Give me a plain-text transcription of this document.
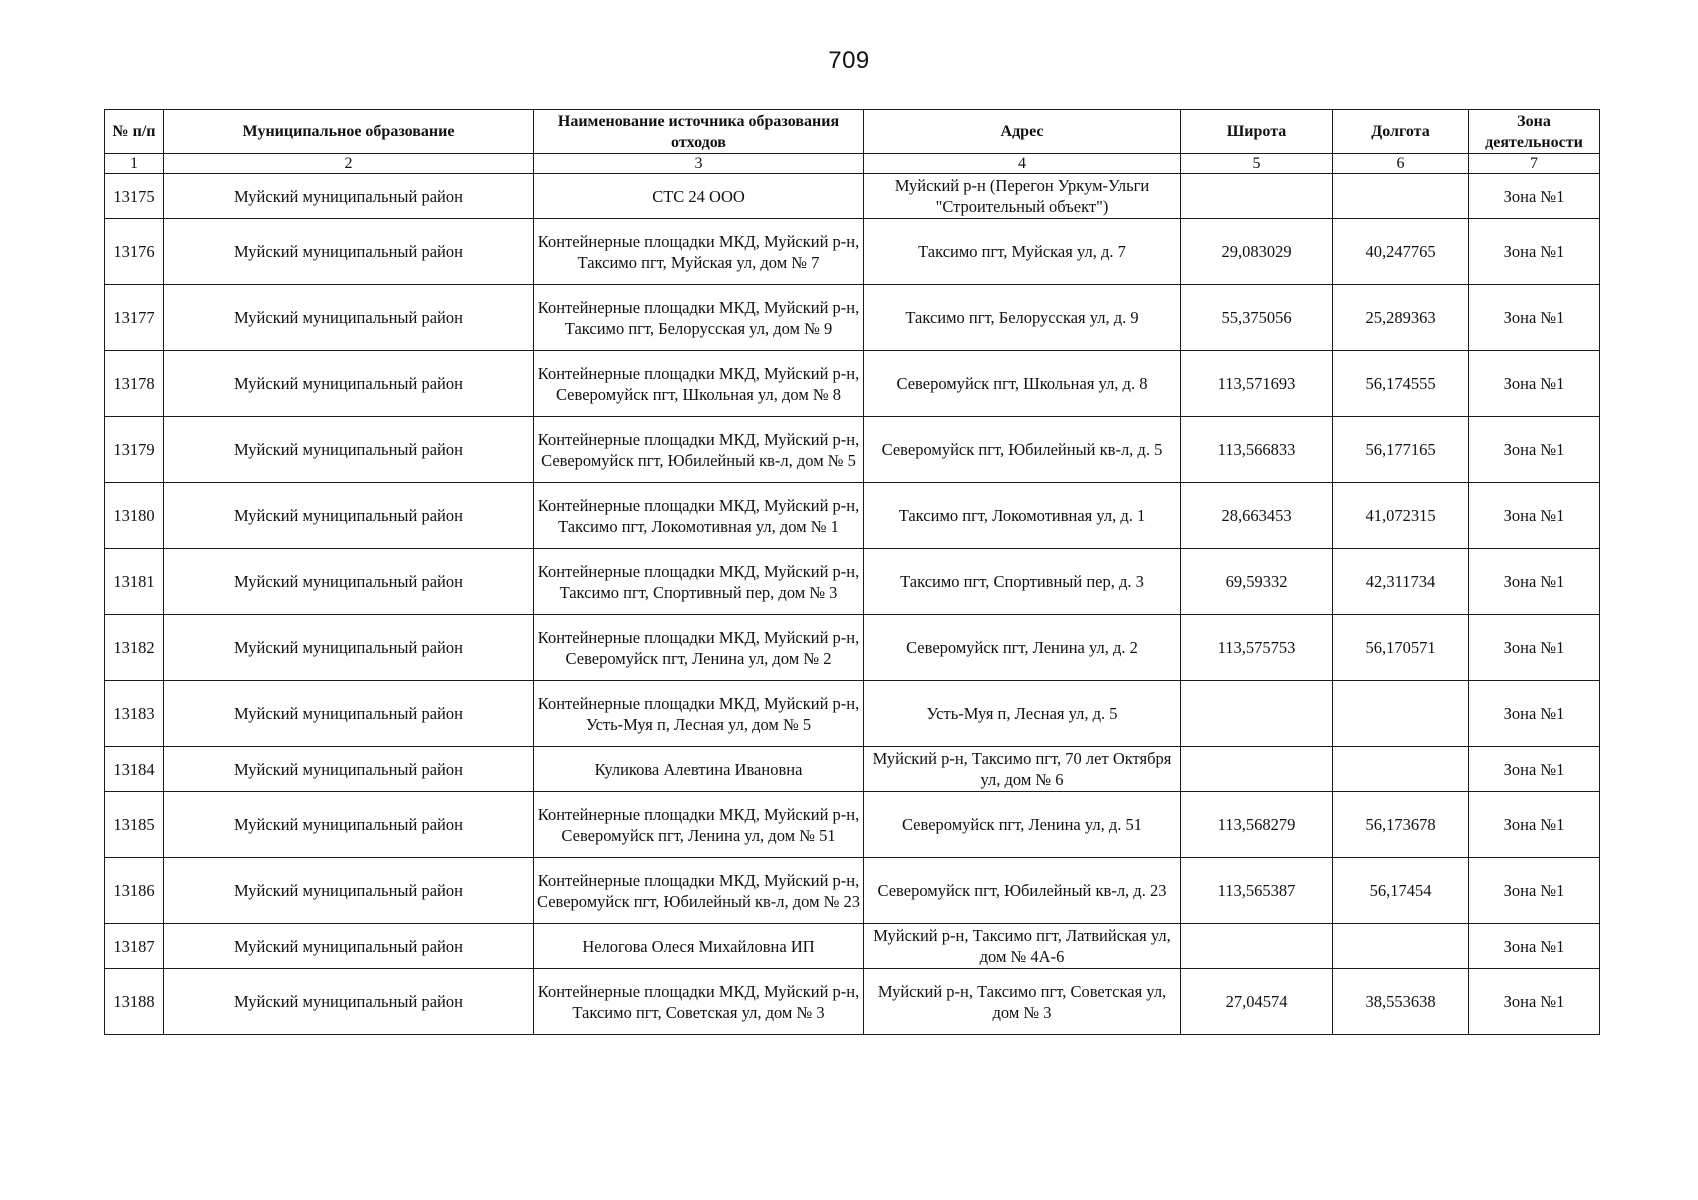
709
№ п/п	Муниципальное образование	Наименование источника образования отходов	Адрес	Широта	Долгота	Зона деятельности
1	2	3	4	5	6	7
13175	Муйский муниципальный район	СТС 24 ООО	Муйский р-н (Перегон Уркум-Ульги "Строительный объект")			Зона №1
13176	Муйский муниципальный район	Контейнерные площадки МКД, Муйский р-н, Таксимо пгт, Муйская ул, дом № 7	Таксимо пгт, Муйская ул, д. 7	29,083029	40,247765	Зона №1
13177	Муйский муниципальный район	Контейнерные площадки МКД, Муйский р-н, Таксимо пгт, Белорусская ул, дом № 9	Таксимо пгт, Белорусская ул, д. 9	55,375056	25,289363	Зона №1
13178	Муйский муниципальный район	Контейнерные площадки МКД, Муйский р-н, Северомуйск пгт, Школьная ул, дом № 8	Северомуйск пгт, Школьная ул, д. 8	113,571693	56,174555	Зона №1
13179	Муйский муниципальный район	Контейнерные площадки МКД, Муйский р-н, Северомуйск пгт, Юбилейный кв-л, дом № 5	Северомуйск пгт, Юбилейный кв-л, д. 5	113,566833	56,177165	Зона №1
13180	Муйский муниципальный район	Контейнерные площадки МКД, Муйский р-н, Таксимо пгт, Локомотивная ул, дом № 1	Таксимо пгт, Локомотивная ул, д. 1	28,663453	41,072315	Зона №1
13181	Муйский муниципальный район	Контейнерные площадки МКД, Муйский р-н, Таксимо пгт, Спортивный пер, дом № 3	Таксимо пгт, Спортивный пер, д. 3	69,59332	42,311734	Зона №1
13182	Муйский муниципальный район	Контейнерные площадки МКД, Муйский р-н, Северомуйск пгт, Ленина ул, дом № 2	Северомуйск пгт, Ленина ул, д. 2	113,575753	56,170571	Зона №1
13183	Муйский муниципальный район	Контейнерные площадки МКД, Муйский р-н, Усть-Муя п, Лесная ул, дом № 5	Усть-Муя п, Лесная ул, д. 5			Зона №1
13184	Муйский муниципальный район	Куликова Алевтина Ивановна	Муйский р-н, Таксимо пгт, 70 лет Октября ул, дом № 6			Зона №1
13185	Муйский муниципальный район	Контейнерные площадки МКД, Муйский р-н, Северомуйск пгт, Ленина ул, дом № 51	Северомуйск пгт, Ленина ул, д. 51	113,568279	56,173678	Зона №1
13186	Муйский муниципальный район	Контейнерные площадки МКД, Муйский р-н, Северомуйск пгт, Юбилейный кв-л, дом № 23	Северомуйск пгт, Юбилейный кв-л, д. 23	113,565387	56,17454	Зона №1
13187	Муйский муниципальный район	Нелогова Олеся Михайловна ИП	Муйский р-н, Таксимо пгт, Латвийская ул, дом № 4А-6			Зона №1
13188	Муйский муниципальный район	Контейнерные площадки МКД, Муйский р-н, Таксимо пгт, Советская ул, дом № 3	Муйский р-н, Таксимо пгт, Советская ул, дом № 3	27,04574	38,553638	Зона №1
